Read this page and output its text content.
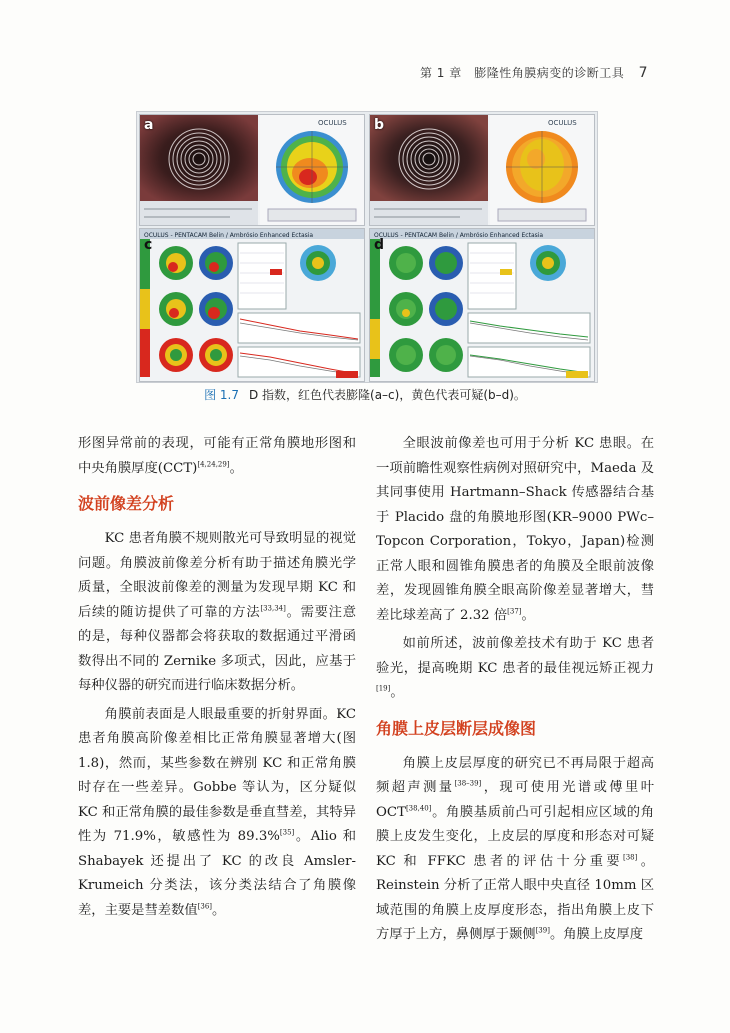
第 1 章　膨隆性角膜病变的诊断工具 7
a	OCULUS b	OCULUS
c
OCULUS - PENTACAM Belin / Ambrósio Enhanced Ectasia
d
OCULUS - PENTACAM Belin / Ambrósio Enhanced Ectasia
图 1.7 D 指数，红色代表膨隆(a–c)，黄色代表可疑(b–d)。

形图异常前的表现，可能有正常角膜地形图和中央角膜厚度(CCT)[4,24,29]。

波前像差分析

KC 患者角膜不规则散光可导致明显的视觉问题。角膜波前像差分析有助于描述角膜光学质量，全眼波前像差的测量为发现早期 KC 和后续的随访提供了可靠的方法[33,34]。需要注意的是，每种仪器都会将获取的数据通过平滑函数得出不同的 Zernike 多项式，因此，应基于每种仪器的研究而进行临床数据分析。

角膜前表面是人眼最重要的折射界面。KC 患者角膜高阶像差相比正常角膜显著增大(图 1.8)，然而，某些参数在辨别 KC 和正常角膜时存在一些差异。Gobbe 等认为，区分疑似 KC 和正常角膜的最佳参数是垂直彗差，其特异性为 71.9%，敏感性为 89.3%[35]。Alio 和 Shabayek 还提出了 KC 的改良 Amsler-Krumeich 分类法，该分类法结合了角膜像差，主要是彗差数值[36]。

全眼波前像差也可用于分析 KC 患眼。在一项前瞻性观察性病例对照研究中，Maeda 及其同事使用 Hartmann–Shack 传感器结合基于 Placido 盘的角膜地形图(KR–9000 PWc–Topcon Corporation，Tokyo，Japan)检测正常人眼和圆锥角膜患者的角膜及全眼前波像差，发现圆锥角膜全眼高阶像差显著增大，彗差比球差高了 2.32 倍[37]。

如前所述，波前像差技术有助于 KC 患者验光，提高晚期 KC 患者的最佳视远矫正视力[19]。

角膜上皮层断层成像图

角膜上皮层厚度的研究已不再局限于超高频超声测量[38–39]，现可使用光谱或傅里叶 OCT[38,40]。角膜基质前凸可引起相应区域的角膜上皮发生变化，上皮层的厚度和形态对可疑 KC 和 FFKC 患者的评估十分重要[38]。Reinstein 分析了正常人眼中央直径 10mm 区域范围的角膜上皮厚度形态，指出角膜上皮下方厚于上方，鼻侧厚于颞侧[39]。角膜上皮厚度
